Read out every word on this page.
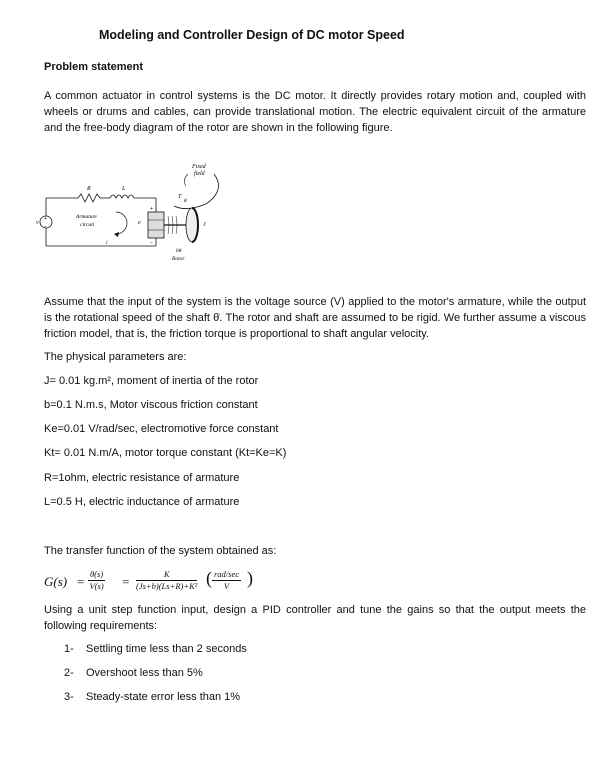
Modeling and Controller Design of DC motor Speed
Problem statement
A common actuator in control systems is the DC motor. It directly provides rotary motion and, coupled with wheels or drums and cables, can provide translational motion. The electric equivalent circuit of the armature and the free-body diagram of the rotor are shown in the following figure.
Fixed field
R	L
+
−
v
Armature
circuit
i
e
+
−
T
θ
J
bθ
Rotor
Assume that the input of the system is the voltage source (V) applied to the motor's armature, while the output is the rotational speed of the shaft θ̇. The rotor and shaft are assumed to be rigid. We further assume a viscous friction model, that is, the friction torque is proportional to shaft angular velocity.
The physical parameters are:
J= 0.01 kg.m², moment of inertia of the rotor
b=0.1 N.m.s, Motor viscous friction constant
Ke=0.01 V/rad/sec, electromotive force constant
Kt= 0.01 N.m/A, motor torque constant (Kt=Ke=K)
R=1ohm, electric resistance of armature
L=0.5 H, electric inductance of armature
The transfer function of the system obtained as:
$G(s) = \frac{\thetȧ(s)}{V(s)} = \frac{K}{\text{(Js+b)(Ls+R)+K²}}$ ( rad/sec
V )
Using a unit step function input, design a PID controller and tune the gains so that the output meets the following requirements:
1- Settling time less than 2 seconds
2- Overshoot less than 5%
3- Steady-state error less than 1%
